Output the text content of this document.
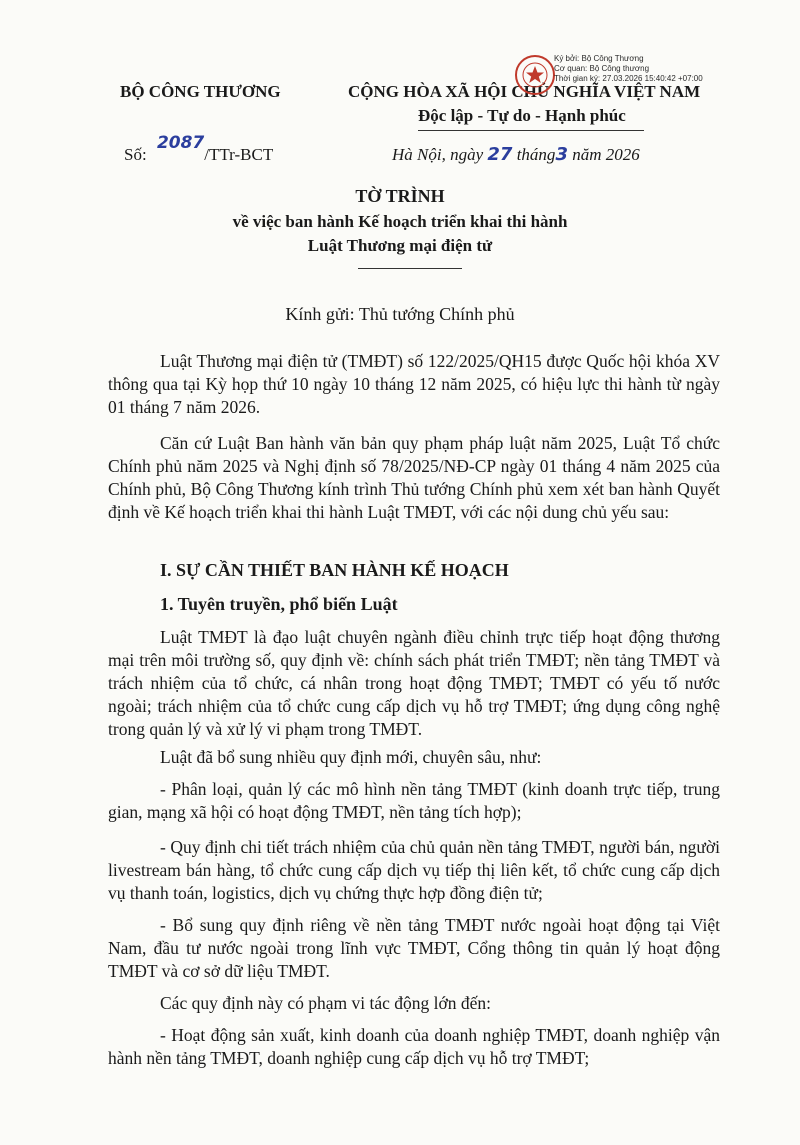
BỘ CÔNG THƯƠNG
Số: 2087/TTr-BCT
CỘNG HÒA XÃ HỘI CHỦ NGHĨA VIỆT NAM
Độc lập - Tự do - Hạnh phúc
Hà Nội, ngày 27 tháng3 năm 2026
Ký bởi: Bộ Công Thương
Cơ quan: Bộ Công thương
Thời gian ký: 27.03.2026 15:40:42 +07:00
TỜ TRÌNH
về việc ban hành Kế hoạch triển khai thi hành
Luật Thương mại điện tử
Kính gửi: Thủ tướng Chính phủ
Luật Thương mại điện tử (TMĐT) số 122/2025/QH15 được Quốc hội khóa XV thông qua tại Kỳ họp thứ 10 ngày 10 tháng 12 năm 2025, có hiệu lực thi hành từ ngày 01 tháng 7 năm 2026.
Căn cứ Luật Ban hành văn bản quy phạm pháp luật năm 2025, Luật Tổ chức Chính phủ năm 2025 và Nghị định số 78/2025/NĐ-CP ngày 01 tháng 4 năm 2025 của Chính phủ, Bộ Công Thương kính trình Thủ tướng Chính phủ xem xét ban hành Quyết định về Kế hoạch triển khai thi hành Luật TMĐT, với các nội dung chủ yếu sau:
I. SỰ CẦN THIẾT BAN HÀNH KẾ HOẠCH
1. Tuyên truyền, phổ biến Luật
Luật TMĐT là đạo luật chuyên ngành điều chỉnh trực tiếp hoạt động thương mại trên môi trường số, quy định về: chính sách phát triển TMĐT; nền tảng TMĐT và trách nhiệm của tổ chức, cá nhân trong hoạt động TMĐT; TMĐT có yếu tố nước ngoài; trách nhiệm của tổ chức cung cấp dịch vụ hỗ trợ TMĐT; ứng dụng công nghệ trong quản lý và xử lý vi phạm trong TMĐT.
Luật đã bổ sung nhiều quy định mới, chuyên sâu, như:
- Phân loại, quản lý các mô hình nền tảng TMĐT (kinh doanh trực tiếp, trung gian, mạng xã hội có hoạt động TMĐT, nền tảng tích hợp);
- Quy định chi tiết trách nhiệm của chủ quản nền tảng TMĐT, người bán, người livestream bán hàng, tổ chức cung cấp dịch vụ tiếp thị liên kết, tổ chức cung cấp dịch vụ thanh toán, logistics, dịch vụ chứng thực hợp đồng điện tử;
- Bổ sung quy định riêng về nền tảng TMĐT nước ngoài hoạt động tại Việt Nam, đầu tư nước ngoài trong lĩnh vực TMĐT, Cổng thông tin quản lý hoạt động TMĐT và cơ sở dữ liệu TMĐT.
Các quy định này có phạm vi tác động lớn đến:
- Hoạt động sản xuất, kinh doanh của doanh nghiệp TMĐT, doanh nghiệp vận hành nền tảng TMĐT, doanh nghiệp cung cấp dịch vụ hỗ trợ TMĐT;
